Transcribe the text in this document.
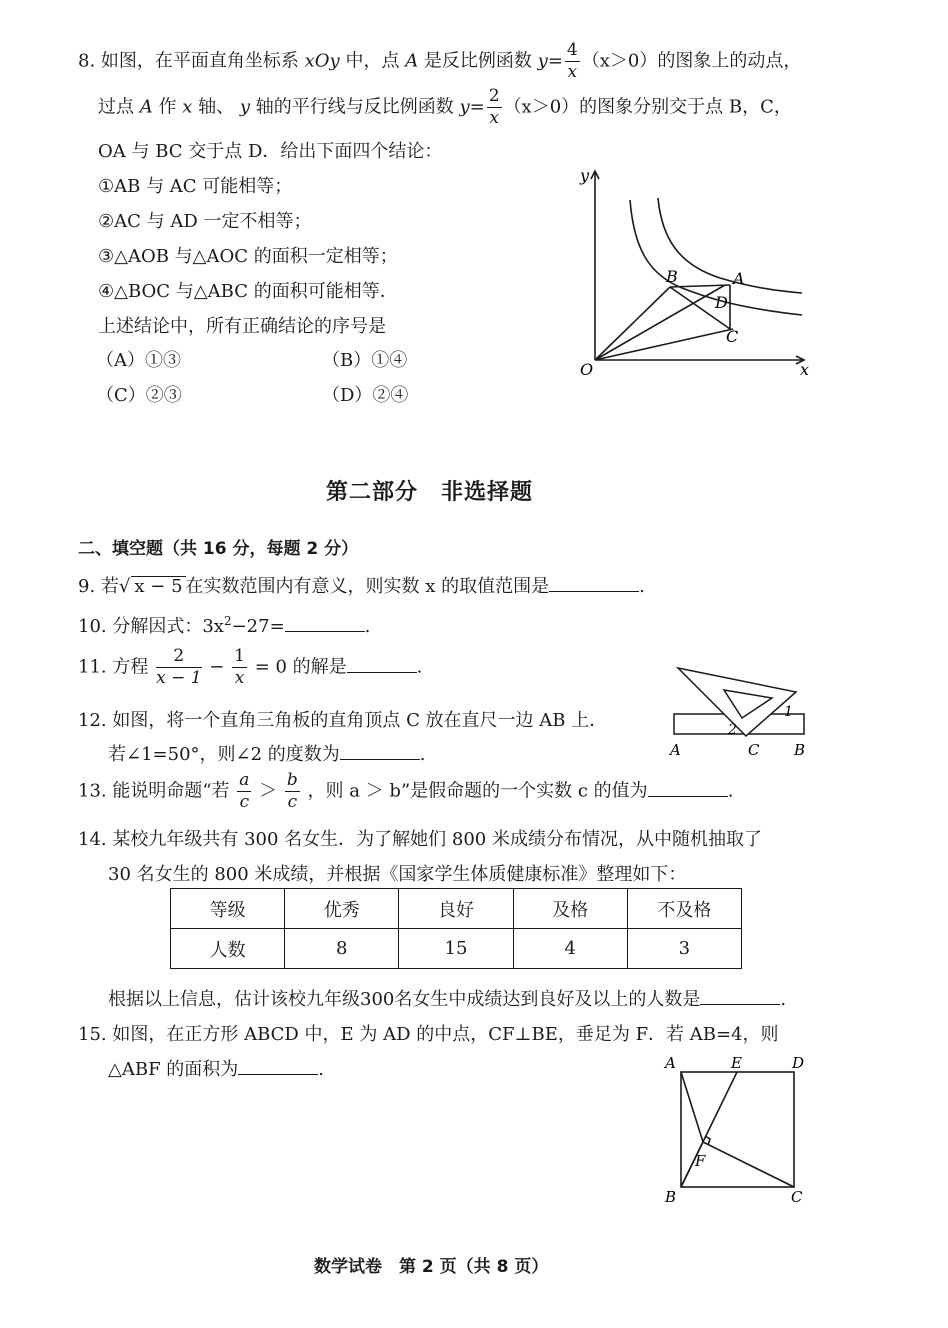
8. 如图，在平面直角坐标系 xOy 中，点 A 是反比例函数 $y= \frac{4}{x} (x>0)$的图象上的动点，
过点 A 作 x 轴、 y 轴的平行线与反比例函数 $y= \frac{2}{x} (x>0)$的图象分别交于点 B，C，
OA 与 BC 交于点 D．给出下面四个结论：
①AB 与 AC 可能相等；
②AC 与 AD 一定不相等；
③△AOB 与△AOC 的面积一定相等；
④△BOC 与△ABC 的面积可能相等．
上述结论中，所有正确结论的序号是
（A）①③	（B）①④
（C）②③	（D）②④
y
x
O
A
B
C
D
第二部分　非选择题
二、填空题（共 16 分，每题 2 分）
9. 若√ x − 5 在实数范围内有意义，则实数 x 的取值范围是	.
10. 分解因式：$3x^2-27=$	.
11. 方程 $\frac{2}{x - 1} - \frac{1}{x} = 0$ 的解是	.
12. 如图，将一个直角三角板的直角顶点 C 放在直尺一边 AB 上．
若∠1=50°，则∠2 的度数为	.	A	C B
1
2
13. 能说明命题“若 $\frac{a}{c} > \frac{b}{c}$ ，则 a ＞ b”是假命题的一个实数 c 的值为	.
14. 某校九年级共有 300 名女生．为了解她们 800 米成绩分布情况，从中随机抽取了
30 名女生的 800 米成绩，并根据《国家学生体质健康标准》整理如下：
等级	优秀	良好	及格	不及格
人数	8	15	4	3
根据以上信息，估计该校九年级300名女生中成绩达到良好及以上的人数是	.
15. 如图，在正方形 ABCD 中，E 为 AD 的中点，CF⊥BE，垂足为 F．若 AB=4，则
△ABF 的面积为	.	A	E	D
F
B	C
数学试卷　第 2 页（共 8 页）
